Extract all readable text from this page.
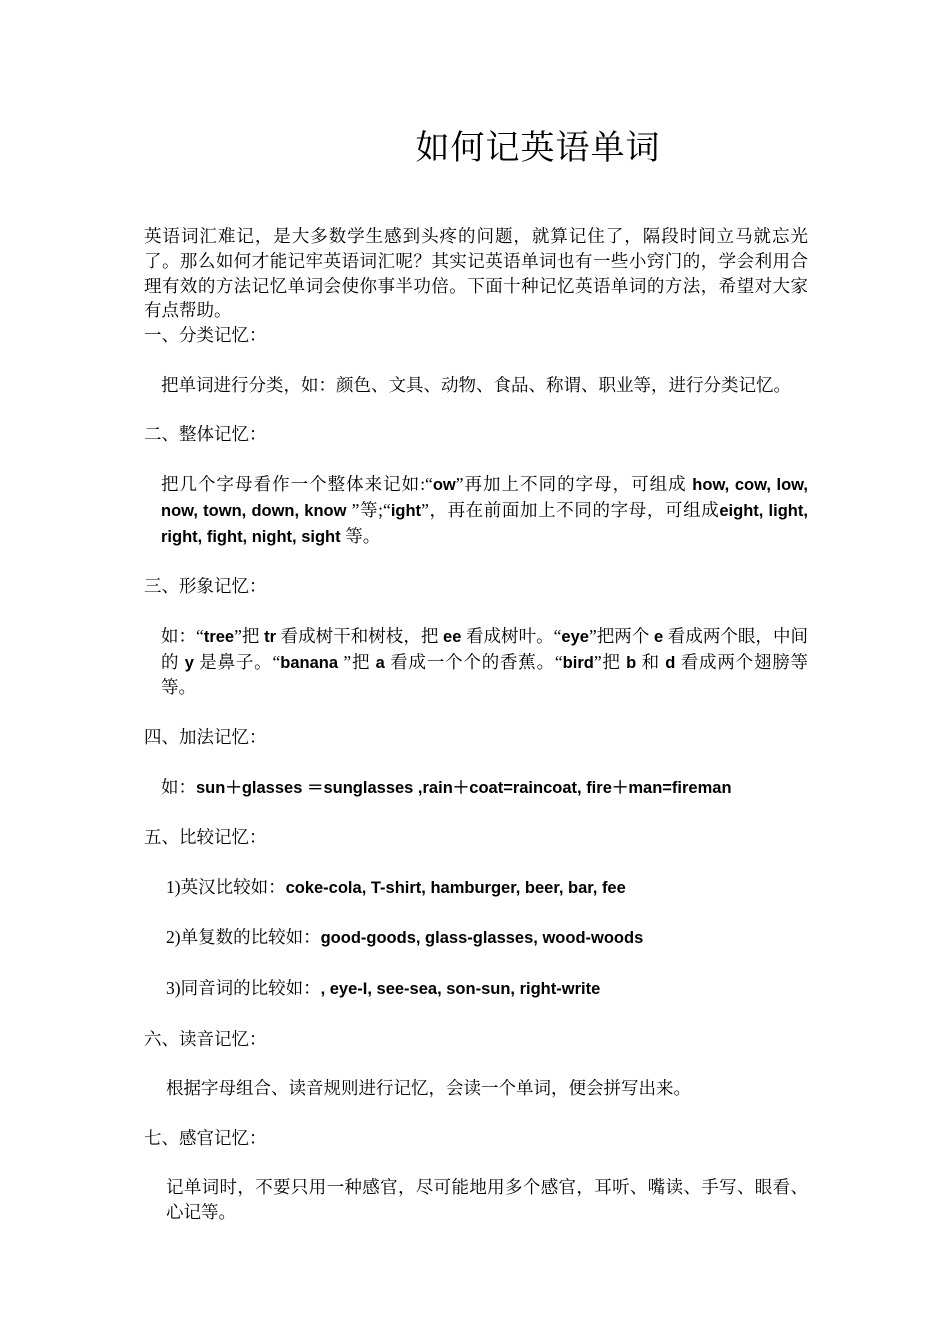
如何记英语单词

英语词汇难记，是大多数学生感到头疼的问题，就算记住了，隔段时间立马就忘光了。那么如何才能记牢英语词汇呢？其实记英语单词也有一些小窍门的，学会利用合理有效的方法记忆单词会使你事半功倍。下面十种记忆英语单词的方法，希望对大家有点帮助。

一、分类记忆：

把单词进行分类，如：颜色、文具、动物、食品、称谓、职业等，进行分类记忆。

二、整体记忆：

把几个字母看作一个整体来记如:“ow”再加上不同的字母，可组成 how, cow, low, now, town, down, know ”等;“ight”，再在前面加上不同的字母，可组成eight, light, right, fight, night, sight 等。

三、形象记忆：

如：“tree”把 tr 看成树干和树枝，把 ee 看成树叶。“eye”把两个 e 看成两个眼，中间的 y 是鼻子。“banana ”把 a 看成一个个的香蕉。“bird”把 b 和 d 看成两个翅膀等等。

四、加法记忆：

如：sun＋glasses ＝sunglasses ,rain＋coat=raincoat, fire＋man=fireman

五、比较记忆：

1)英汉比较如：coke-cola, T-shirt, hamburger, beer, bar, fee

2)单复数的比较如：good-goods, glass-glasses, wood-woods

3)同音词的比较如：, eye-I, see-sea, son-sun, right-write

六、读音记忆：

根据字母组合、读音规则进行记忆，会读一个单词，便会拼写出来。

七、感官记忆：

记单词时，不要只用一种感官，尽可能地用多个感官，耳听、嘴读、手写、眼看、心记等。
